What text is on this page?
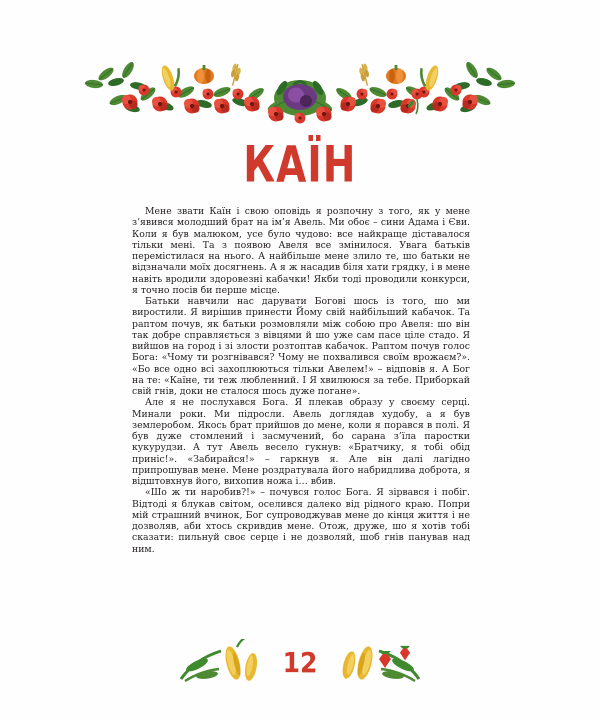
КАЇН

Мене звати Каїн і свою оповідь я розпочну з того, як у мене з’явився молодший брат на ім’я Авель. Ми обоє – сини Адама і Єви. Коли я був малюком, усе було чудово: все найкраще дiставалося тiльки менi. Та з появою Авеля все змінилося. Увага батьків перемістилася на нього. А найбільше мене злило те, шо батьки не відзначали моїх досягнень. А я ж насадив біля хати грядку, і в мене навіть вродили здоровезні кабачки! Якби тоді проводили конкурси, я точно посів би перше місце.

Батьки навчили нас дарувати Богові шось із того, шо ми виростили. Я вирішив принести Йому свій найбільший кабачок. Та раптом почув, як батьки розмовляли між собою про Авеля: шо він так добре справляється з вівцями й шо уже сам пасе ціле стадо. Я вийшов на город і зі злости розтоптав кабачок. Раптом почув голос Бога: «Чому ти розгнівався? Чому не похвалився своїм врожаєм?». «Бо все одно всі захоплюються тільки Авелем!» – відповів я. А Бог на те: «Каїне, ти теж любленний. І Я хвилююся за тебе. Приборкай свій гнів, доки не сталося шось дуже погане».

Але я не послухався Бога. Я плекав образу у своєму серці. Минали роки. Ми підросли. Авель доглядав худобу, а я був землеробом. Якось брат прийшов до мене, коли я порався в полі. Я був дуже стомлений і засмучений, бо сарана з’їла паростки кукурудзи. А тут Авель весело гукнув: «Братчику, я тобі обід приніс!». «Забирайся!» – гаркнув я. Але він далі лагідно припрошував мене. Мене роздратувала його набридлива доброта, я відштовхнув його, вихопив ножа і… вбив.

«Шо ж ти наробив?!» – почувся голос Бога. Я зірвався і побіг. Відтоді я блукав світом, оселився далеко від рідного краю. Попри мій страшний вчинок, Бог супроводжував мене до кінця життя і не дозволяв, аби хтось скривдив мене. Отож, друже, шо я хотів тобі сказати: пильнуй своє серце і не дозволяй, шоб гнів панував над ним.

12
